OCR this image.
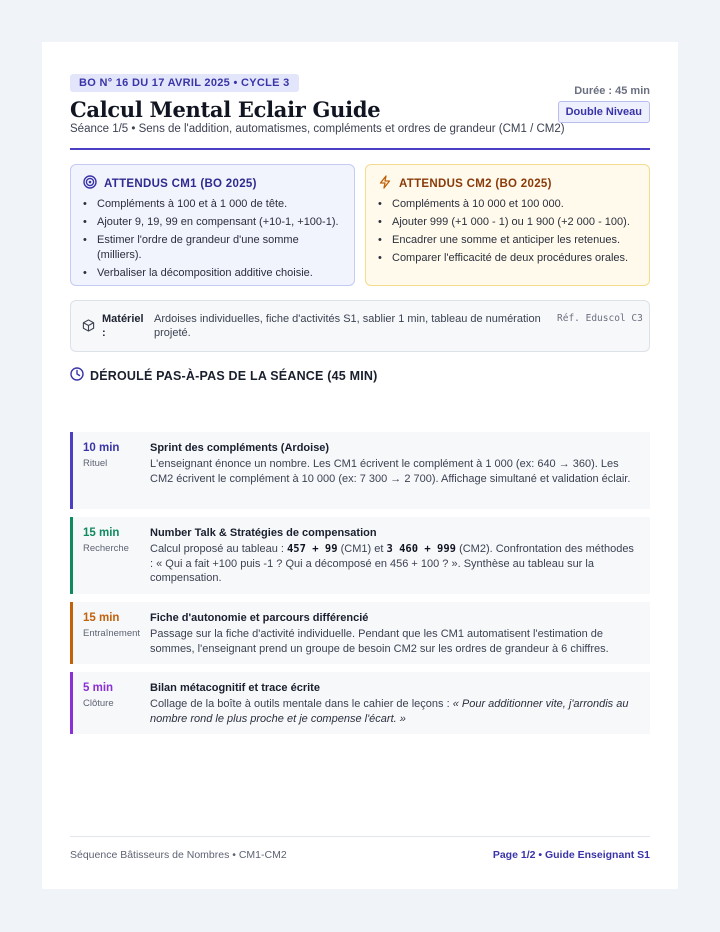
BO N° 16 DU 17 AVRIL 2025 • CYCLE 3
Calcul Mental Eclair Guide
Séance 1/5 • Sens de l'addition, automatismes, compléments et ordres de grandeur (CM1 / CM2)
Durée : 45 min
Double Niveau
ATTENDUS CM1 (BO 2025)
• Compléments à 100 et à 1 000 de tête.
• Ajouter 9, 19, 99 en compensant (+10-1, +100-1).
• Estimer l'ordre de grandeur d'une somme (milliers).
• Verbaliser la décomposition additive choisie.
ATTENDUS CM2 (BO 2025)
• Compléments à 10 000 et 100 000.
• Ajouter 999 (+1 000 - 1) ou 1 900 (+2 000 - 100).
• Encadrer une somme et anticiper les retenues.
• Comparer l'efficacité de deux procédures orales.
Matériel :
Ardoises individuelles, fiche d'activités S1, sablier 1 min, tableau de numération projeté.
Réf. Eduscol C3
DÉROULÉ PAS-À-PAS DE LA SÉANCE (45 MIN)
10 min
Rituel
Sprint des compléments (Ardoise)
L'enseignant énonce un nombre. Les CM1 écrivent le complément à 1 000 (ex: 640 → 360). Les CM2 écrivent le complément à 10 000 (ex: 7 300 → 2 700). Affichage simultané et validation éclair.
15 min
Recherche
Number Talk & Stratégies de compensation
Calcul proposé au tableau : 457 + 99 (CM1) et 3 460 + 999 (CM2). Confrontation des méthodes : « Qui a fait +100 puis -1 ? Qui a décomposé en 456 + 100 ? ». Synthèse au tableau sur la compensation.
15 min
Entraînement
Fiche d'autonomie et parcours différencié
Passage sur la fiche d'activité individuelle. Pendant que les CM1 automatisent l'estimation de sommes, l'enseignant prend un groupe de besoin CM2 sur les ordres de grandeur à 6 chiffres.
5 min
Clôture
Bilan métacognitif et trace écrite
Collage de la boîte à outils mentale dans le cahier de leçons : « Pour additionner vite, j'arrondis au nombre rond le plus proche et je compense l'écart. »
Séquence Bâtisseurs de Nombres • CM1-CM2	Page 1/2 • Guide Enseignant S1
